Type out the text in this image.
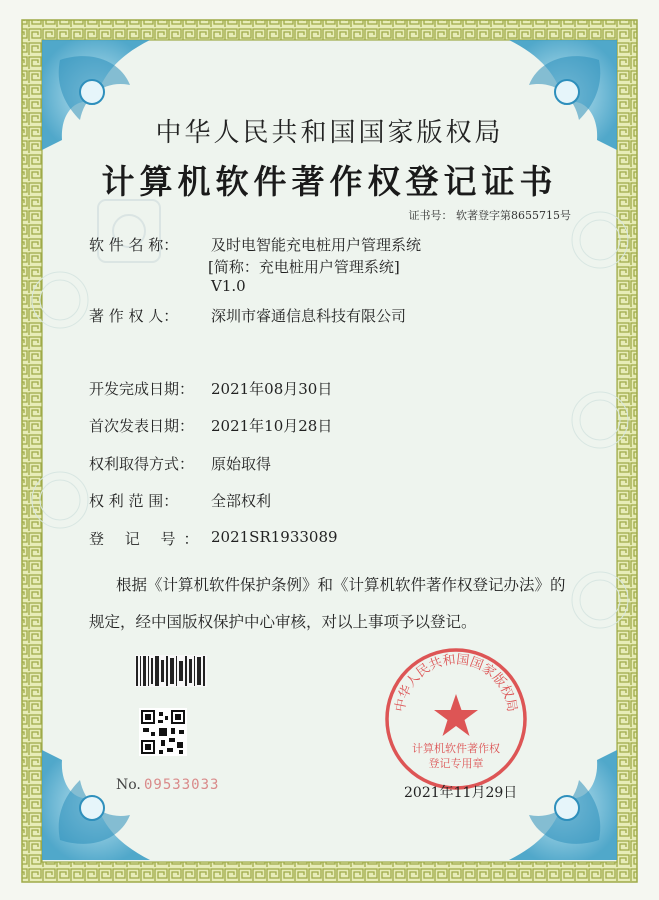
中华人民共和国国家版权局
计算机软件著作权登记证书
证书号： 软著登字第8655715号
软 件 名 称： 及时电智能充电桩用户管理系统
[简称：充电桩用户管理系统]
V1.0
著 作 权 人： 深圳市睿通信息科技有限公司
开发完成日期： 2021年08月30日
首次发表日期： 2021年10月28日
权利取得方式： 原始取得
权 利 范 围： 全部权利
登 记 号： 2021SR1933089
根据《计算机软件保护条例》和《计算机软件著作权登记办法》的
规定，经中国版权保护中心审核，对以上事项予以登记。
No. 09533033
中华人民共和国国家版权局
计算机软件著作权
登记专用章
2021年11月29日
